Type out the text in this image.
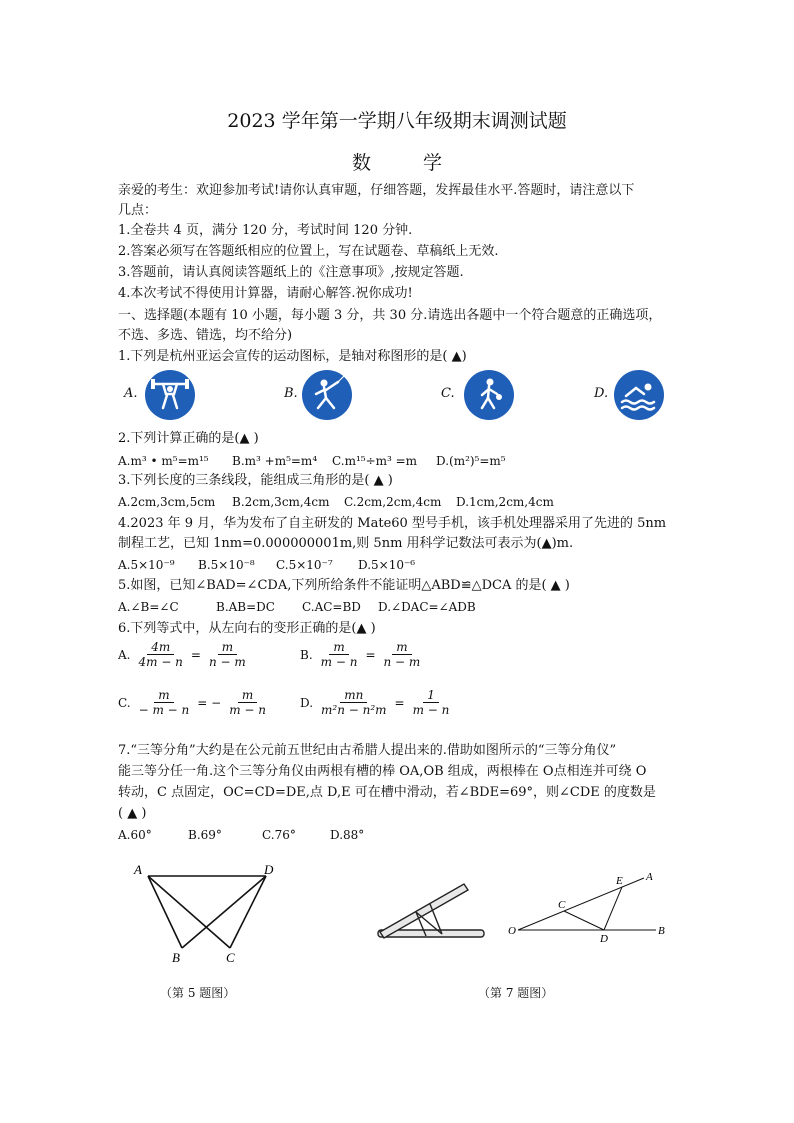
2023 学年第一学期八年级期末调测试题
数学
亲爱的考生：欢迎参加考试!请你认真审题，仔细答题，发挥最佳水平.答题时，请注意以下
几点：
1.全卷共 4 页，满分 120 分，考试时间 120 分钟.
2.答案必须写在答题纸相应的位置上，写在试题卷、草稿纸上无效.
3.答题前，请认真阅读答题纸上的《注意事项》,按规定答题.
4.本次考试不得使用计算器，请耐心解答.祝你成功!
一、选择题(本题有 10 小题，每小题 3 分，共 30 分.请选出各题中一个符合题意的正确选项，
不选、多选、错选，均不给分)
1.下列是杭州亚运会宣传的运动图标，是轴对称图形的是( ▲)
A.	B.	C.	D.
2.下列计算正确的是(▲ )
A.m³ • m⁵=m¹⁵ B.m³ +m⁵=m⁴ C.m¹⁵÷m³ =m D.(m²)⁵=m⁵
3.下列长度的三条线段，能组成三角形的是( ▲ )
A.2cm,3cm,5cm B.2cm,3cm,4cm C.2cm,2cm,4cm D.1cm,2cm,4cm
4.2023 年 9 月，华为发布了自主研发的 Mate60 型号手机，该手机处理器采用了先进的 5nm
制程工艺，已知 1nm=0.000000001m,则 5nm 用科学记数法可表示为(▲)m.
A.5×10⁻⁹ B.5×10⁻⁸ C.5×10⁻⁷ D.5×10⁻⁶
5.如图，已知∠BAD=∠CDA,下列所给条件不能证明△ABD≌△DCA 的是( ▲ )
A.∠B=∠C	B.AB=DC C.AC=BD D.∠DAC=∠ADB
6.下列等式中，从左向右的变形正确的是(▲ )
A. $\frac{4m}{4m - n} = \frac{m}{n - m}$	B. $\frac{m}{m - n} = \frac{m}{n - m}$
C. $\frac{m}{- m - n}$ = − $\frac{m}{m - n}$	D. $\frac{mn}{\text{m²n − n²m}} = \frac{1}{m - n}$
7.“三等分角”大约是在公元前五世纪由古希腊人提出来的.借助如图所示的“三等分角仪”
能三等分任一角.这个三等分角仪由两根有槽的棒 OA,OB 组成，两根棒在 O点相连并可绕 O
转动，C 点固定，OC=CD=DE,点 D,E 可在槽中滑动，若∠BDE=69°，则∠CDE 的度数是
( ▲ )
A.60°	B.69°	C.76°	D.88°
A	D
B	C
（第 5 题图）
O
C
D
E A
B
（第 7 题图）
